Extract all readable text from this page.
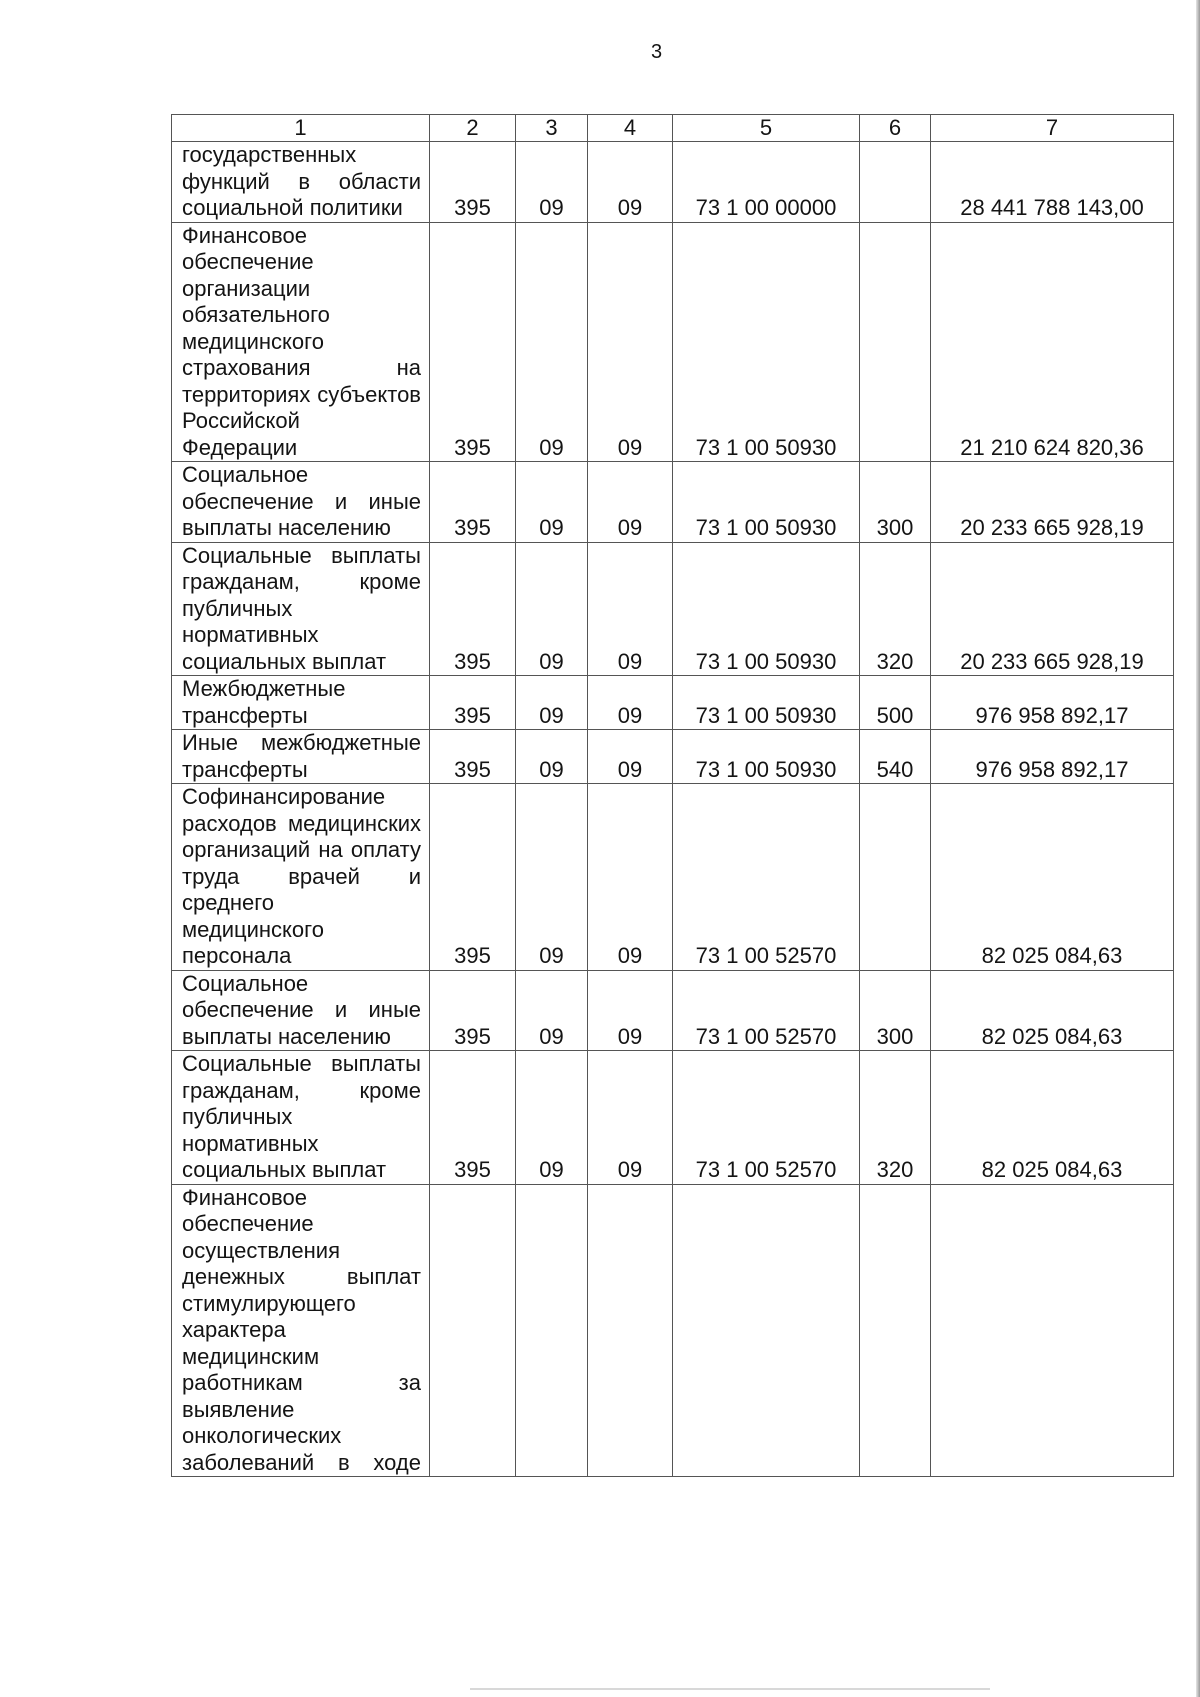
3
1	2	3	4	5	6	7
государственных функций в области социальной политики	395	09	09	73 1 00 00000		28 441 788 143,00
Финансовое обеспечение организации обязательного медицинского страхования на территориях субъектов Российской Федерации	395	09	09	73 1 00 50930		21 210 624 820,36
Социальное обеспечение и иные выплаты населению	395	09	09	73 1 00 50930	300	20 233 665 928,19
Социальные выплаты гражданам, кроме публичных нормативных социальных выплат	395	09	09	73 1 00 50930	320	20 233 665 928,19
Межбюджетные трансферты	395	09	09	73 1 00 50930	500	976 958 892,17
Иные межбюджетные трансферты	395	09	09	73 1 00 50930	540	976 958 892,17
Софинансирование расходов медицинских организаций на оплату труда врачей и среднего медицинского персонала	395	09	09	73 1 00 52570		82 025 084,63
Социальное обеспечение и иные выплаты населению	395	09	09	73 1 00 52570	300	82 025 084,63
Социальные выплаты гражданам, кроме публичных нормативных социальных выплат	395	09	09	73 1 00 52570	320	82 025 084,63
Финансовое обеспечение осуществления денежных выплат стимулирующего характера медицинским работникам за выявление онкологических заболеваний в ходе						
